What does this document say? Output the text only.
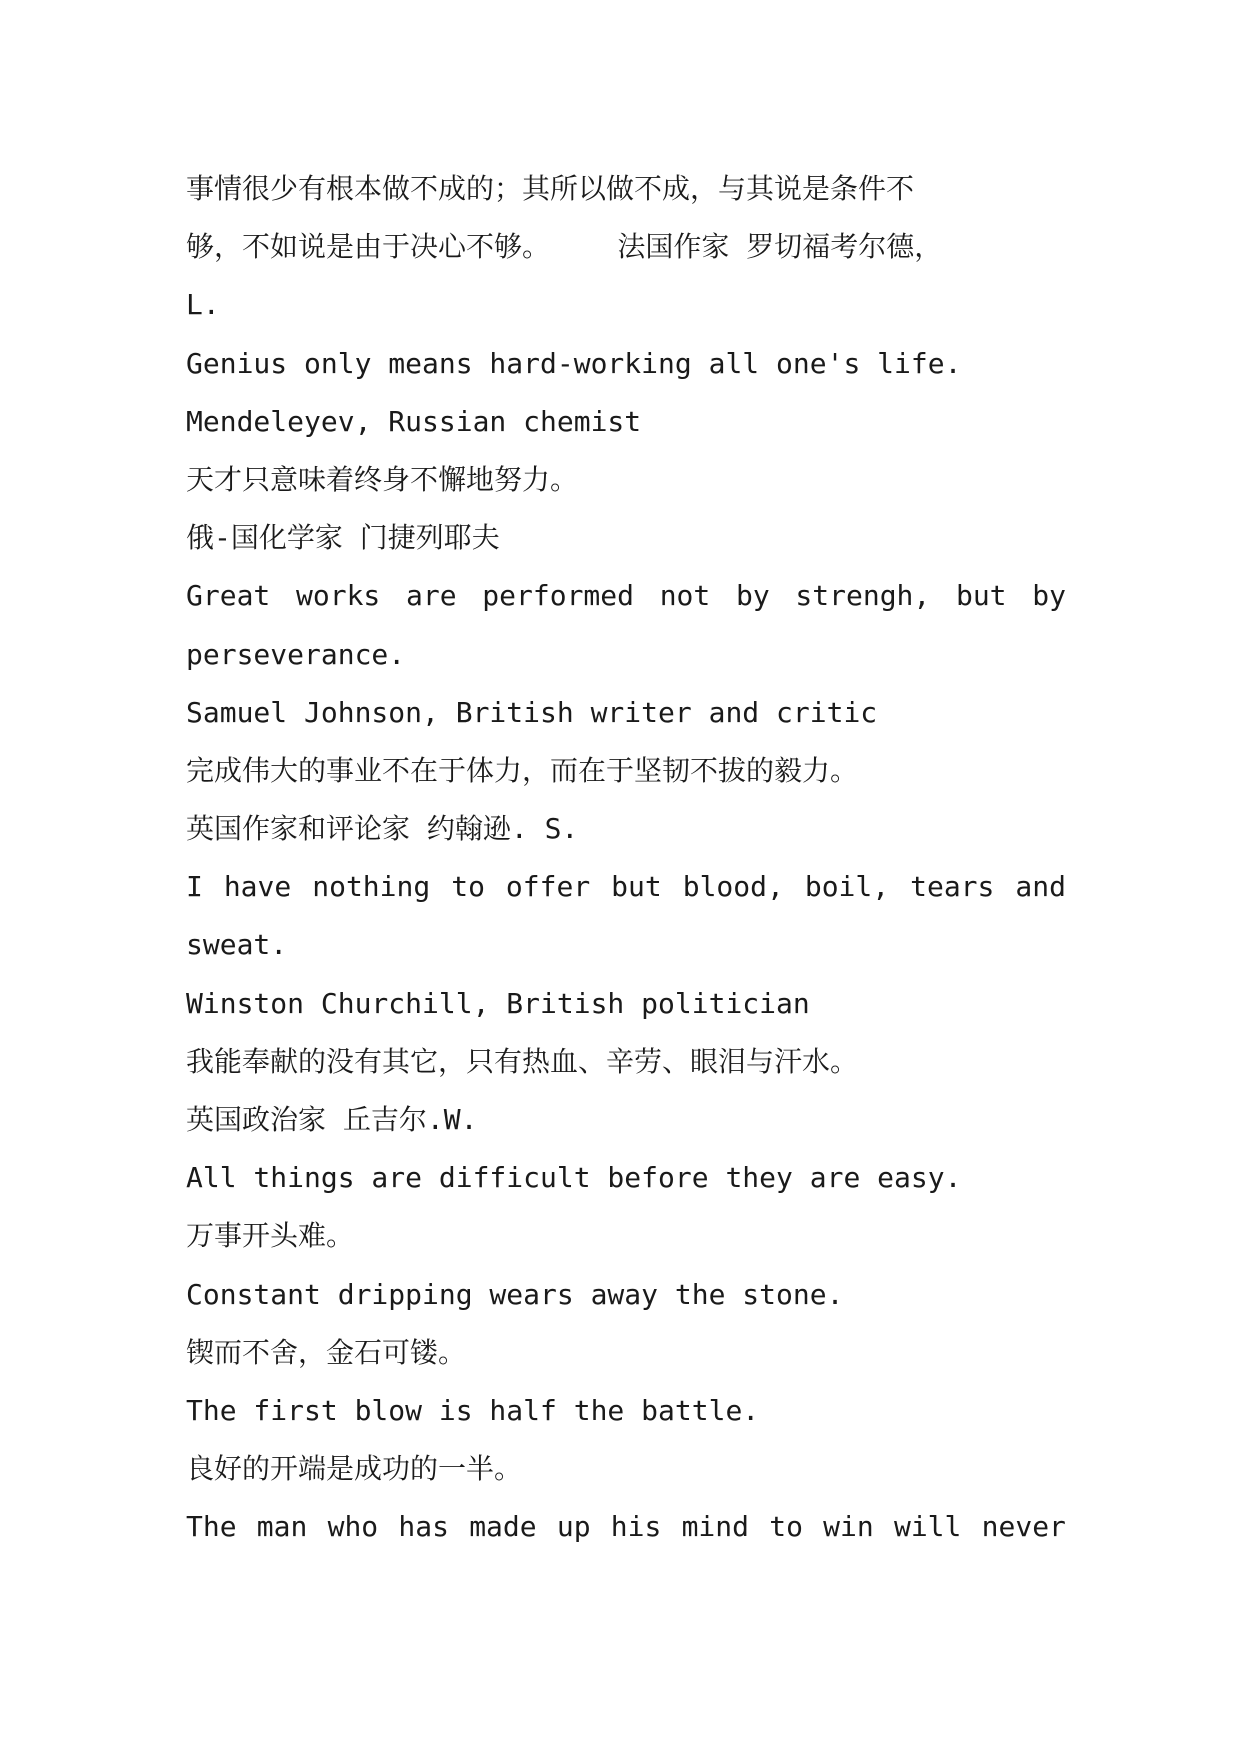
事情很少有根本做不成的；其所以做不成，与其说是条件不
够，不如说是由于决心不够。    法国作家 罗切福考尔德，
L.
Genius only means hard-working all one's life.
Mendeleyev, Russian chemist
天才只意味着终身不懈地努力。
俄-国化学家 门捷列耶夫
Great works are performed not by strengh, but by
perseverance.
Samuel Johnson, British writer and critic
完成伟大的事业不在于体力，而在于坚韧不拔的毅力。
英国作家和评论家 约翰逊. S.
I have nothing to offer but blood, boil, tears and
sweat.
Winston Churchill, British politician
我能奉献的没有其它，只有热血、辛劳、眼泪与汗水。
英国政治家 丘吉尔.W.
All things are difficult before they are easy.
万事开头难。
Constant dripping wears away the stone.
锲而不舍，金石可镂。
The first blow is half the battle.
良好的开端是成功的一半。
The man who has made up his mind to win will never
